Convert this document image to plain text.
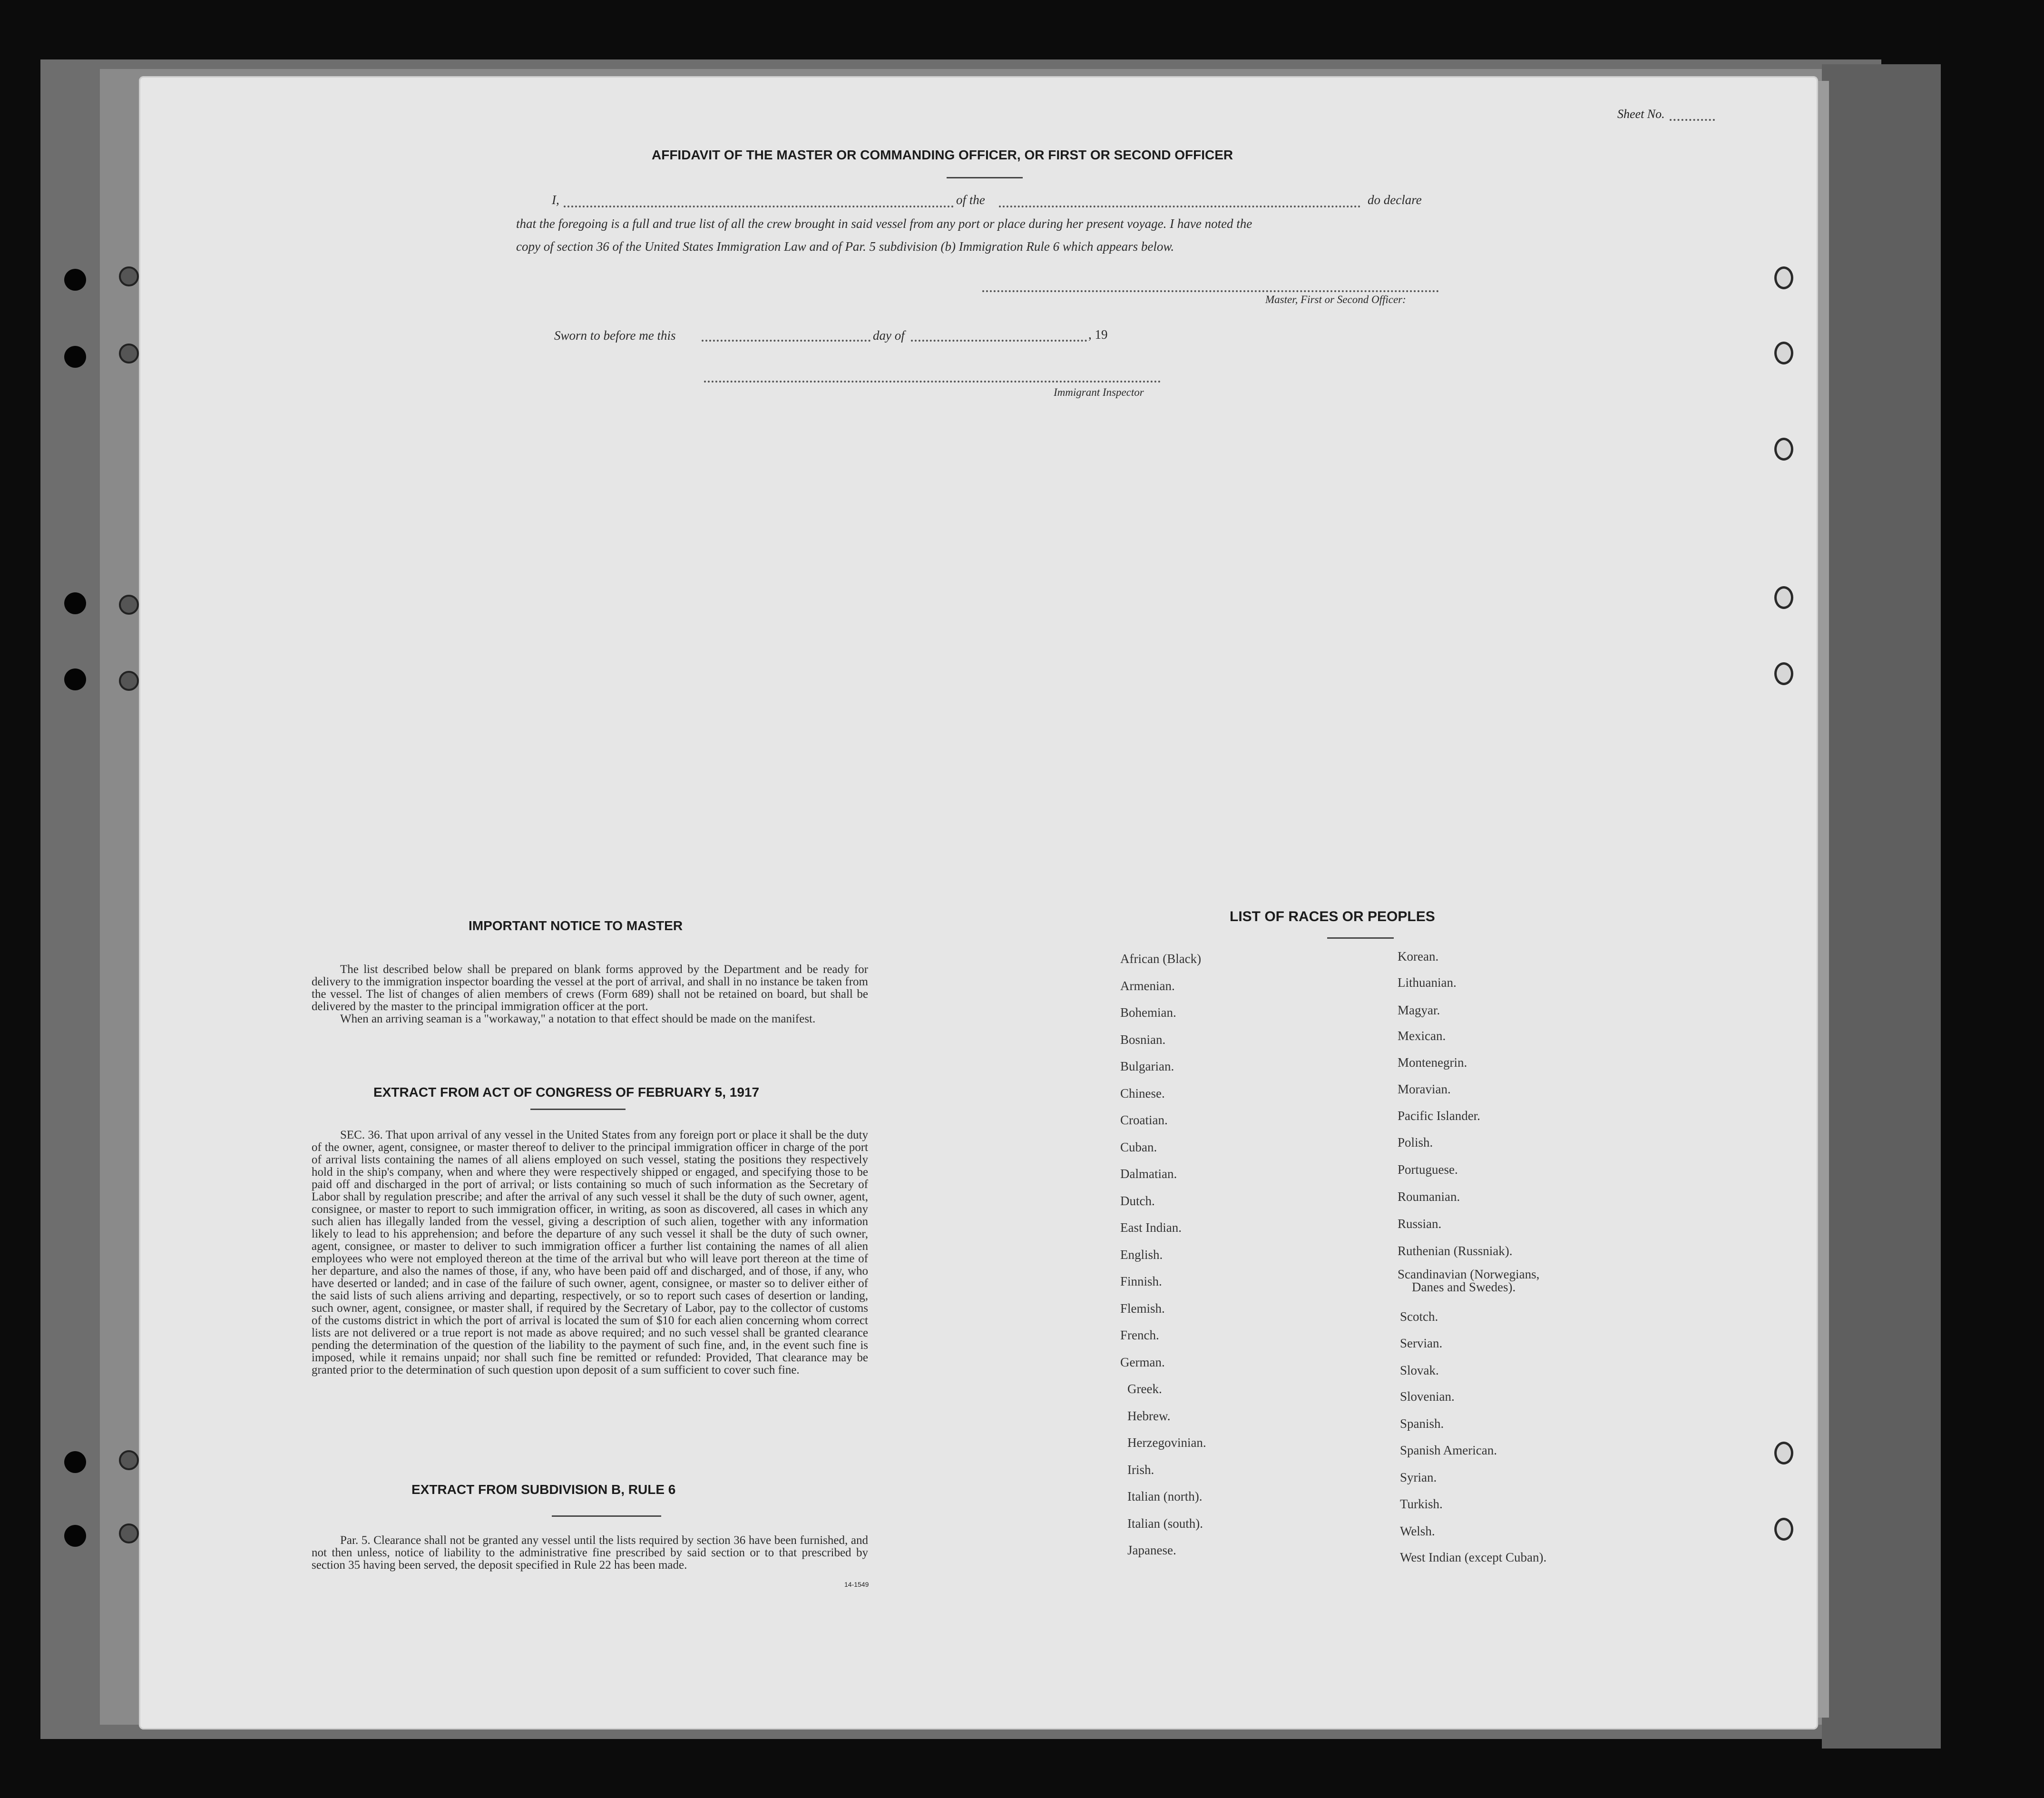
Sheet No.
AFFIDAVIT OF THE MASTER OR COMMANDING OFFICER, OR FIRST OR SECOND OFFICER
I,	of the	do declare
that the foregoing is a full and true list of all the crew brought in said vessel from any port or place during her present voyage. I have noted the
copy of section 36 of the United States Immigration Law and of Par. 5 subdivision (b) Immigration Rule 6 which appears below.
Master, First or Second Officer:
Sworn to before me this	day of	, 19
Immigrant Inspector
IMPORTANT NOTICE TO MASTER

The list described below shall be prepared on blank forms approved by the Department and be ready for delivery to the immigration inspector boarding the vessel at the port of arrival, and shall in no instance be taken from the vessel. The list of changes of alien members of crews (Form 689) shall not be retained on board, but shall be delivered by the master to the principal immigration officer at the port.

When an arriving seaman is a "workaway," a notation to that effect should be made on the manifest.

EXTRACT FROM ACT OF CONGRESS OF FEBRUARY 5, 1917

SEC. 36. That upon arrival of any vessel in the United States from any foreign port or place it shall be the duty of the owner, agent, consignee, or master thereof to deliver to the principal immigration officer in charge of the port of arrival lists containing the names of all aliens employed on such vessel, stating the positions they respectively hold in the ship's company, when and where they were respectively shipped or engaged, and specifying those to be paid off and discharged in the port of arrival; or lists containing so much of such information as the Secretary of Labor shall by regulation prescribe; and after the arrival of any such vessel it shall be the duty of such owner, agent, consignee, or master to report to such immigration officer, in writing, as soon as discovered, all cases in which any such alien has illegally landed from the vessel, giving a description of such alien, together with any information likely to lead to his apprehension; and before the departure of any such vessel it shall be the duty of such owner, agent, consignee, or master to deliver to such immigration officer a further list containing the names of all alien employees who were not employed thereon at the time of the arrival but who will leave port thereon at the time of her departure, and also the names of those, if any, who have been paid off and discharged, and of those, if any, who have deserted or landed; and in case of the failure of such owner, agent, consignee, or master so to deliver either of the said lists of such aliens arriving and departing, respectively, or so to report such cases of desertion or landing, such owner, agent, consignee, or master shall, if required by the Secretary of Labor, pay to the collector of customs of the customs district in which the port of arrival is located the sum of $10 for each alien concerning whom correct lists are not delivered or a true report is not made as above required; and no such vessel shall be granted clearance pending the determination of the question of the liability to the payment of such fine, and, in the event such fine is imposed, while it remains unpaid; nor shall such fine be remitted or refunded: Provided, That clearance may be granted prior to the determination of such question upon deposit of a sum sufficient to cover such fine.

EXTRACT FROM SUBDIVISION B, RULE 6

Par. 5. Clearance shall not be granted any vessel until the lists required by section 36 have been furnished, and not then unless, notice of liability to the administrative fine prescribed by said section or to that prescribed by section 35 having been served, the deposit specified in Rule 22 has been made.

14-1549
LIST OF RACES OR PEOPLES
African (Black)
Armenian.
Bohemian.
Bosnian.
Bulgarian.
Chinese.
Croatian.
Cuban.
Dalmatian.
Dutch.
East Indian.
English.
Finnish.
Flemish.
French.
German.
Greek.
Hebrew.
Herzegovinian.
Irish.
Italian (north).
Italian (south).
Japanese.
Korean.
Lithuanian.
Magyar.
Mexican.
Montenegrin.
Moravian.
Pacific Islander.
Polish.
Portuguese.
Roumanian.
Russian.
Ruthenian (Russniak).
Scandinavian (Norwegians,
Danes and Swedes).
Scotch.
Servian.
Slovak.
Slovenian.
Spanish.
Spanish American.
Syrian.
Turkish.
Welsh.
West Indian (except Cuban).
